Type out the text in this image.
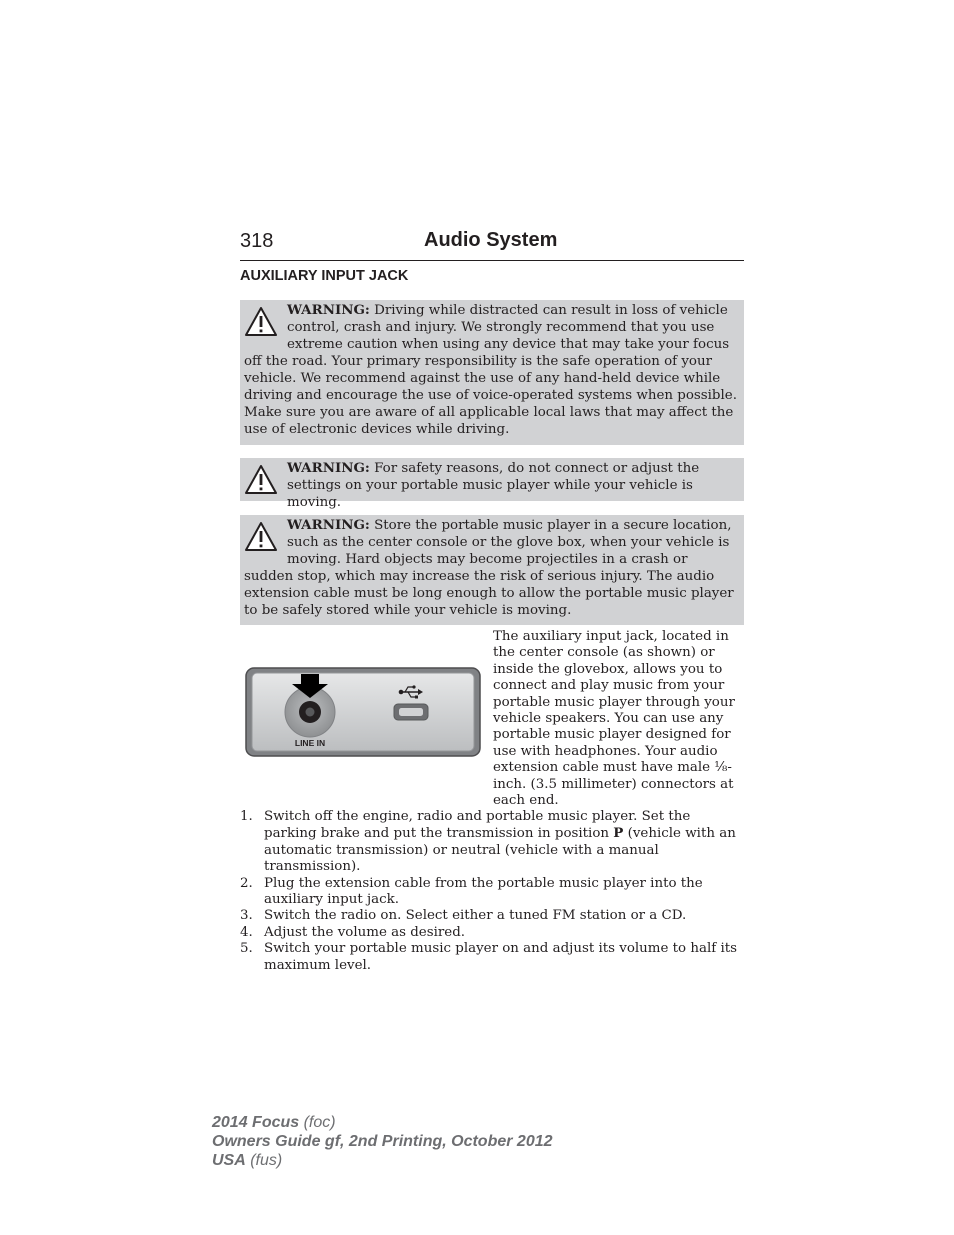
318	Audio System
AUXILIARY INPUT JACK

WARNING: Driving while distracted can result in loss of vehicle control, crash and injury. We strongly recommend that you use extreme caution when using any device that may take your focus off the road. Your primary responsibility is the safe operation of your vehicle. We recommend against the use of any hand-held device while driving and encourage the use of voice-operated systems when possible. Make sure you are aware of all applicable local laws that may affect the use of electronic devices while driving.

WARNING: For safety reasons, do not connect or adjust the settings on your portable music player while your vehicle is moving.

WARNING: Store the portable music player in a secure location, such as the center console or the glove box, when your vehicle is moving. Hard objects may become projectiles in a crash or sudden stop, which may increase the risk of serious injury. The audio extension cable must be long enough to allow the portable music player to be safely stored while your vehicle is moving.

LINE IN

The auxiliary input jack, located in the center console (as shown) or inside the glovebox, allows you to connect and play music from your portable music player through your vehicle speakers. You can use any portable music player designed for use with headphones. Your audio extension cable must have male ⅛-inch. (3.5 millimeter) connectors at each end.

1. Switch off the engine, radio and portable music player. Set the parking brake and put the transmission in position P (vehicle with an automatic transmission) or neutral (vehicle with a manual transmission).
2. Plug the extension cable from the portable music player into the auxiliary input jack.
3. Switch the radio on. Select either a tuned FM station or a CD.
4. Adjust the volume as desired.
5. Switch your portable music player on and adjust its volume to half its maximum level.
2014 Focus (foc)
Owners Guide gf, 2nd Printing, October 2012
USA (fus)
